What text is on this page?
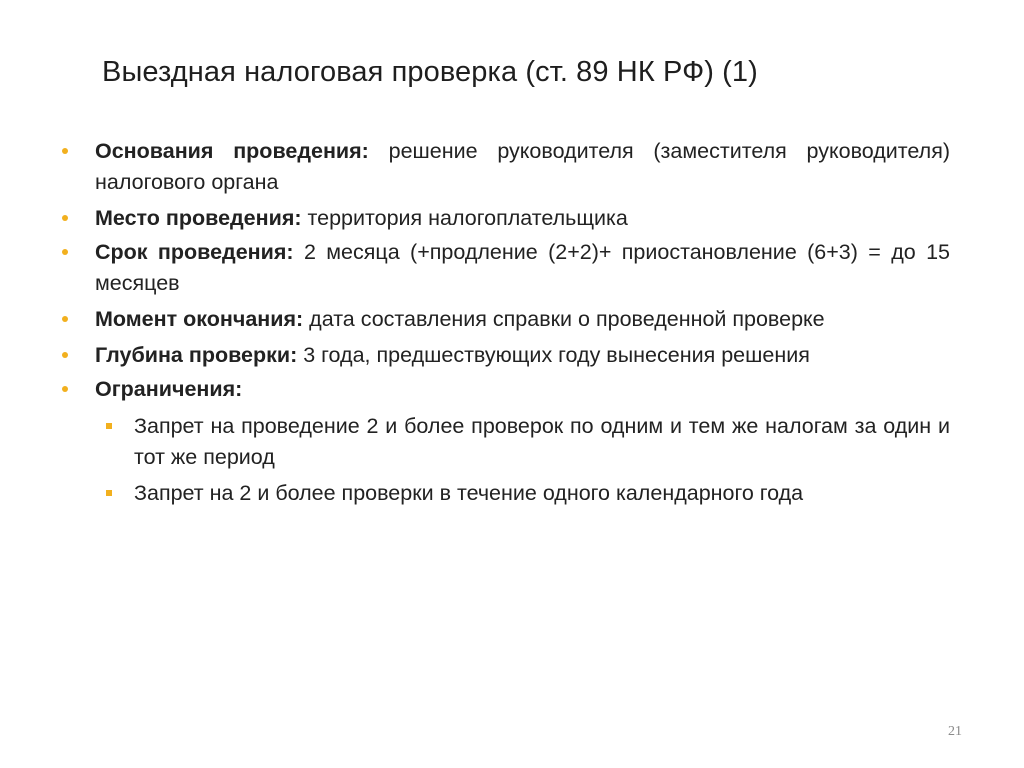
Выездная налоговая проверка (ст. 89 НК РФ) (1)
Основания проведения: решение руководителя (заместителя руководителя) налогового органа
Место проведения: территория налогоплательщика
Срок проведения: 2 месяца (+продление (2+2)+ приостановление (6+3) = до 15 месяцев
Момент окончания: дата составления справки о проведенной проверке
Глубина проверки: 3 года, предшествующих году вынесения решения
Ограничения:
Запрет на проведение 2 и более проверок по одним и тем же налогам за один и тот же период
Запрет на 2 и более проверки в течение одного календарного года
21
